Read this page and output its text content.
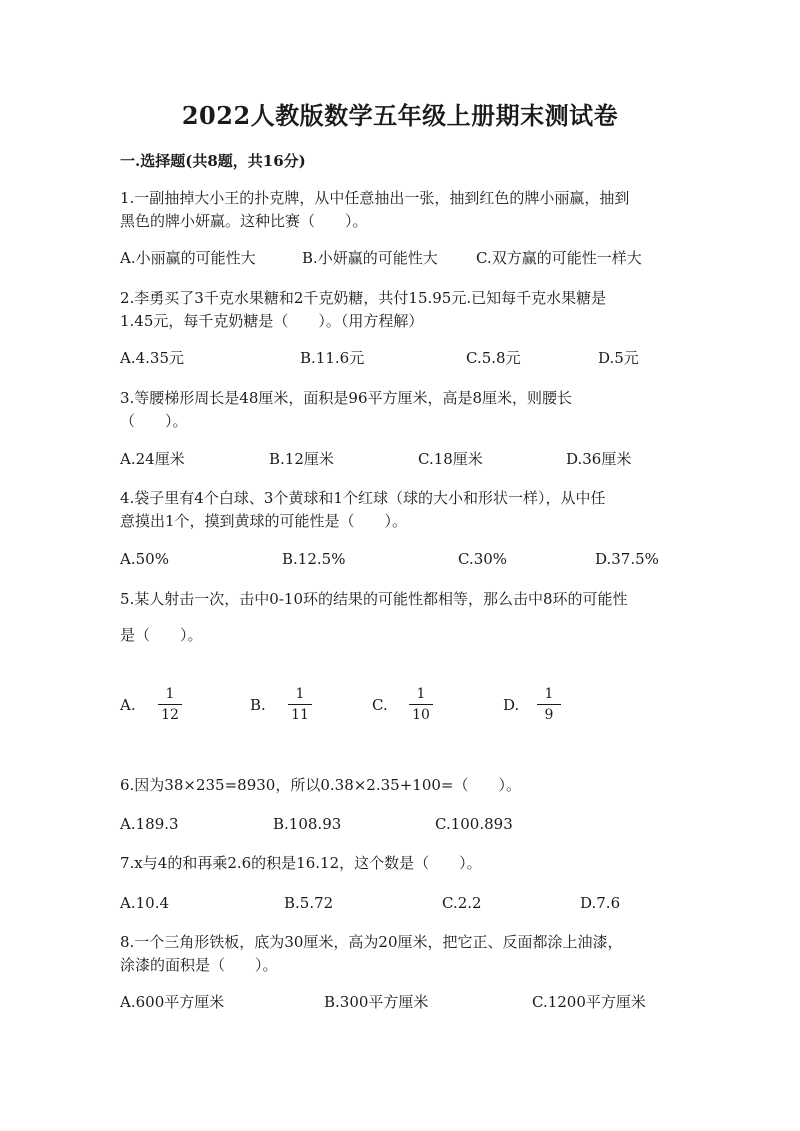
2022人教版数学五年级上册期末测试卷
一.选择题(共8题，共16分)
1.一副抽掉大小王的扑克牌，从中任意抽出一张，抽到红色的牌小丽赢，抽到
黑色的牌小妍赢。这种比赛（　　）。
A.小丽赢的可能性大	B.小妍赢的可能性大	C.双方赢的可能性一样大
2.李勇买了3千克水果糖和2千克奶糖，共付15.95元.已知每千克水果糖是
1.45元，每千克奶糖是（　　）。（用方程解）
A.4.35元	B.11.6元	C.5.8元	D.5元
3.等腰梯形周长是48厘米，面积是96平方厘米，高是8厘米，则腰长
（　　）。
A.24厘米	B.12厘米	C.18厘米	D.36厘米
4.袋子里有4个白球、3个黄球和1个红球（球的大小和形状一样），从中任
意摸出1个，摸到黄球的可能性是（　　）。
A.50%	B.12.5%	C.30%	D.37.5%
5.某人射击一次，击中0-10环的结果的可能性都相等，那么击中8环的可能性
是（　　）。
A.
1
12
B.
1
11
C.
1
10
D.
1
9
6.因为38×235=8930，所以0.38×2.35+100=（　　）。
A.189.3	B.108.93	C.100.893
7.x与4的和再乘2.6的积是16.12，这个数是（　　）。
A.10.4	B.5.72	C.2.2	D.7.6
8.一个三角形铁板，底为30厘米，高为20厘米，把它正、反面都涂上油漆，
涂漆的面积是（　　）。
A.600平方厘米	B.300平方厘米	C.1200平方厘米
